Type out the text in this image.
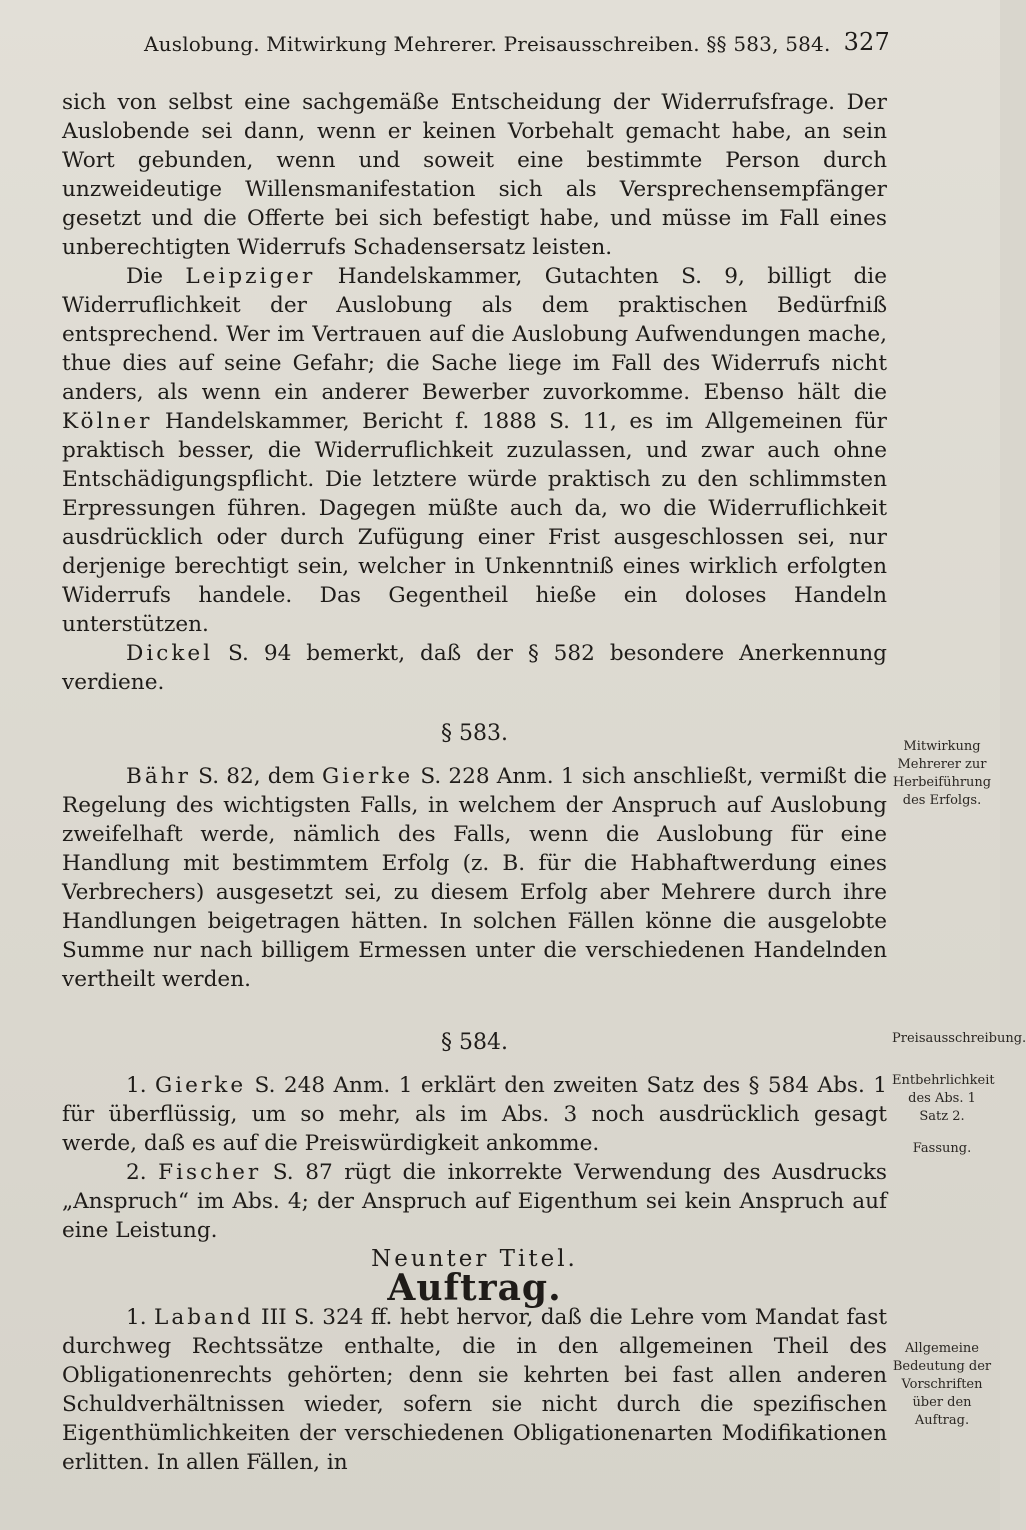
Auslobung. Mitwirkung Mehrerer. Preisausschreiben. §§ 583, 584. 327

sich von selbst eine sachgemäße Entscheidung der Widerrufsfrage. Der Auslobende sei dann, wenn er keinen Vorbehalt gemacht habe, an sein Wort gebunden, wenn und soweit eine bestimmte Person durch unzweideutige Willensmanifestation sich als Versprechensempfänger gesetzt und die Offerte bei sich befestigt habe, und müsse im Fall eines unberechtigten Widerrufs Schadensersatz leisten.

Die Leipziger Handelskammer, Gutachten S. 9, billigt die Widerruflichkeit der Auslobung als dem praktischen Bedürfniß entsprechend. Wer im Vertrauen auf die Auslobung Aufwendungen mache, thue dies auf seine Gefahr; die Sache liege im Fall des Widerrufs nicht anders, als wenn ein anderer Bewerber zuvorkomme. Ebenso hält die Kölner Handelskammer, Bericht f. 1888 S. 11, es im Allgemeinen für praktisch besser, die Widerruflichkeit zuzulassen, und zwar auch ohne Entschädigungspflicht. Die letztere würde praktisch zu den schlimmsten Erpressungen führen. Dagegen müßte auch da, wo die Widerruflichkeit ausdrücklich oder durch Zufügung einer Frist ausgeschlossen sei, nur derjenige berechtigt sein, welcher in Unkenntniß eines wirklich erfolgten Widerrufs handele. Das Gegentheil hieße ein doloses Handeln unterstützen.

Dickel S. 94 bemerkt, daß der § 582 besondere Anerkennung verdiene.

§ 583.

Bähr S. 82, dem Gierke S. 228 Anm. 1 sich anschließt, vermißt die Regelung des wichtigsten Falls, in welchem der Anspruch auf Auslobung zweifelhaft werde, nämlich des Falls, wenn die Auslobung für eine Handlung mit bestimmtem Erfolg (z. B. für die Habhaftwerdung eines Verbrechers) ausgesetzt sei, zu diesem Erfolg aber Mehrere durch ihre Handlungen beigetragen hätten. In solchen Fällen könne die ausgelobte Summe nur nach billigem Ermessen unter die verschiedenen Handelnden vertheilt werden.

§ 584.

1. Gierke S. 248 Anm. 1 erklärt den zweiten Satz des § 584 Abs. 1 für überflüssig, um so mehr, als im Abs. 3 noch ausdrücklich gesagt werde, daß es auf die Preiswürdigkeit ankomme.

2. Fischer S. 87 rügt die inkorrekte Verwendung des Ausdrucks „Anspruch“ im Abs. 4; der Anspruch auf Eigenthum sei kein Anspruch auf eine Leistung.

Neunter Titel.

Auftrag.

1. Laband III S. 324 ff. hebt hervor, daß die Lehre vom Mandat fast durchweg Rechtssätze enthalte, die in den allgemeinen Theil des Obligationenrechts gehörten; denn sie kehrten bei fast allen anderen Schuldverhältnissen wieder, sofern sie nicht durch die spezifischen Eigenthümlichkeiten der verschiedenen Obligationenarten Modifikationen erlitten. In allen Fällen, in

Mitwirkung Mehrerer zur Herbeiführung des Erfolgs.
Preisausschreibung.
Entbehrlichkeit des Abs. 1 Satz 2.
Fassung.
Allgemeine Bedeutung der Vorschriften über den Auftrag.
